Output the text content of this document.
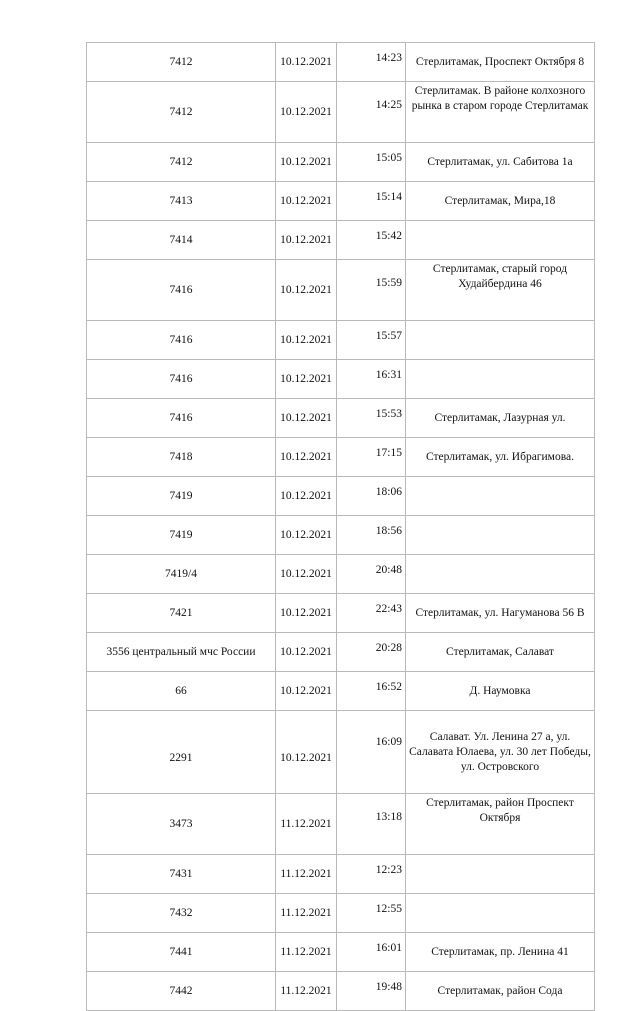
7412	10.12.2021	14:23	Стерлитамак, Проспект Октября 8
7412	10.12.2021	14:25	Стерлитамак. В районе колхозного рынка в старом городе Стерлитамак
7412	10.12.2021	15:05	Стерлитамак, ул. Сабитова 1а
7413	10.12.2021	15:14	Стерлитамак, Мира,18
7414	10.12.2021	15:42	
7416	10.12.2021	15:59	Стерлитамак, старый город Худайбердина 46
7416	10.12.2021	15:57	
7416	10.12.2021	16:31	
7416	10.12.2021	15:53	Стерлитамак, Лазурная ул.
7418	10.12.2021	17:15	Стерлитамак, ул. Ибрагимова.
7419	10.12.2021	18:06	
7419	10.12.2021	18:56	
7419/4	10.12.2021	20:48	
7421	10.12.2021	22:43	Стерлитамак, ул. Нагуманова 56 В
3556 центральный мчс России	10.12.2021	20:28	Стерлитамак, Салават
66	10.12.2021	16:52	Д. Наумовка
2291	10.12.2021	16:09	Салават. Ул. Ленина 27 а, ул. Салавата Юлаева, ул. 30 лет Победы, ул. Островского
3473	11.12.2021	13:18	Стерлитамак, район Проспект Октября
7431	11.12.2021	12:23	
7432	11.12.2021	12:55	
7441	11.12.2021	16:01	Стерлитамак, пр. Ленина 41
7442	11.12.2021	19:48	Стерлитамак, район Сода
